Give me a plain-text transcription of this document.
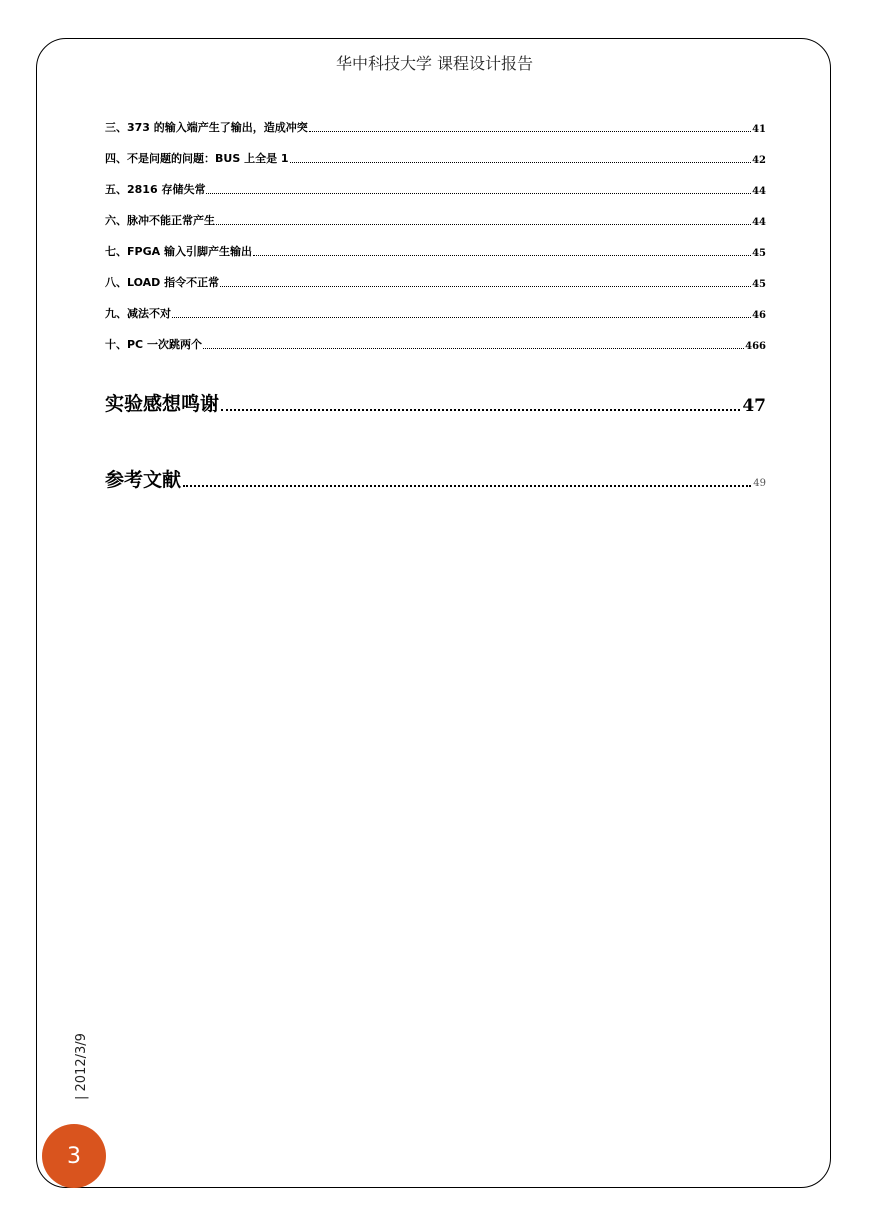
华中科技大学 课程设计报告
三、373 的输入端产生了输出，造成冲突	41
四、不是问题的问题：BUS 上全是 1	42
五、2816 存储失常	44
六、脉冲不能正常产生	44
七、FPGA 输入引脚产生输出	45
八、LOAD 指令不正常	45
九、减法不对	46
十、PC 一次跳两个	466
实验感想鸣谢	47
参考文献	49
| 2012/3/9
3
